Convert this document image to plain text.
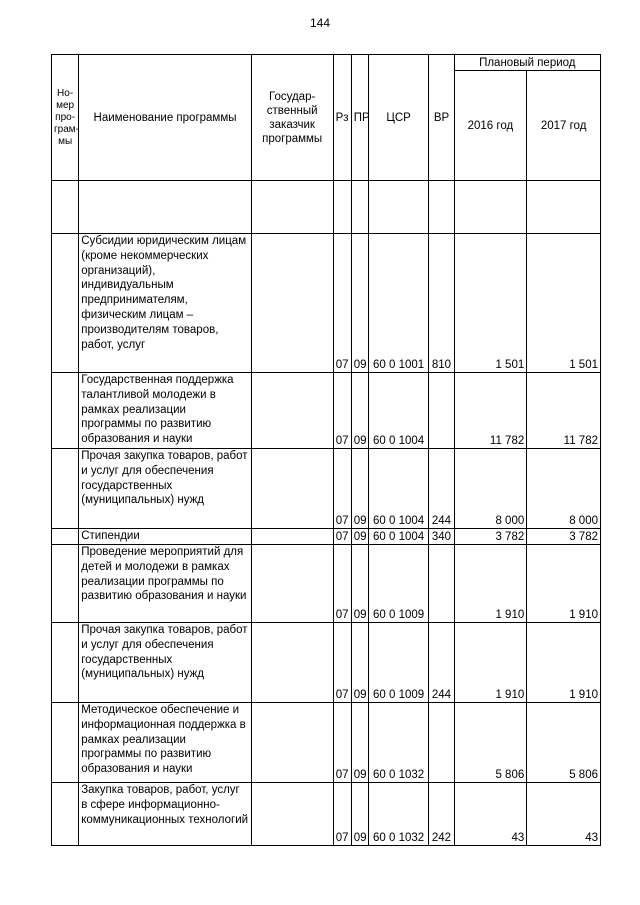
144
Но-мер про-грам-мы	Наименование программы	Государ-ственный заказчик программы	Рз	ПР	ЦСР	ВР	Плановый период	
							2016 год	2017 год

	Субсидии юридическим лицам (кроме некоммерческих организаций), индивидуальным предпринимателям, физическим лицам – производителям товаров, работ, услуг		07	09	60 0 1001	810	1 501	1 501
	Государственная поддержка талантливой молодежи в рамках реализации программы по развитию образования и науки		07	09	60 0 1004		11 782	11 782
	Прочая закупка товаров, работ и услуг для обеспечения государственных (муниципальных) нужд		07	09	60 0 1004	244	8 000	8 000
	Стипендии		07	09	60 0 1004	340	3 782	3 782
	Проведение мероприятий для детей и молодежи в рамках реализации программы по развитию образования и науки		07	09	60 0 1009		1 910	1 910
	Прочая закупка товаров, работ и услуг для обеспечения государственных (муниципальных) нужд		07	09	60 0 1009	244	1 910	1 910
	Методическое обеспечение и информационная поддержка в рамках реализации программы по развитию образования и науки		07	09	60 0 1032		5 806	5 806
	Закупка товаров, работ, услуг в сфере информационно-коммуникационных технологий		07	09	60 0 1032	242	43	43
